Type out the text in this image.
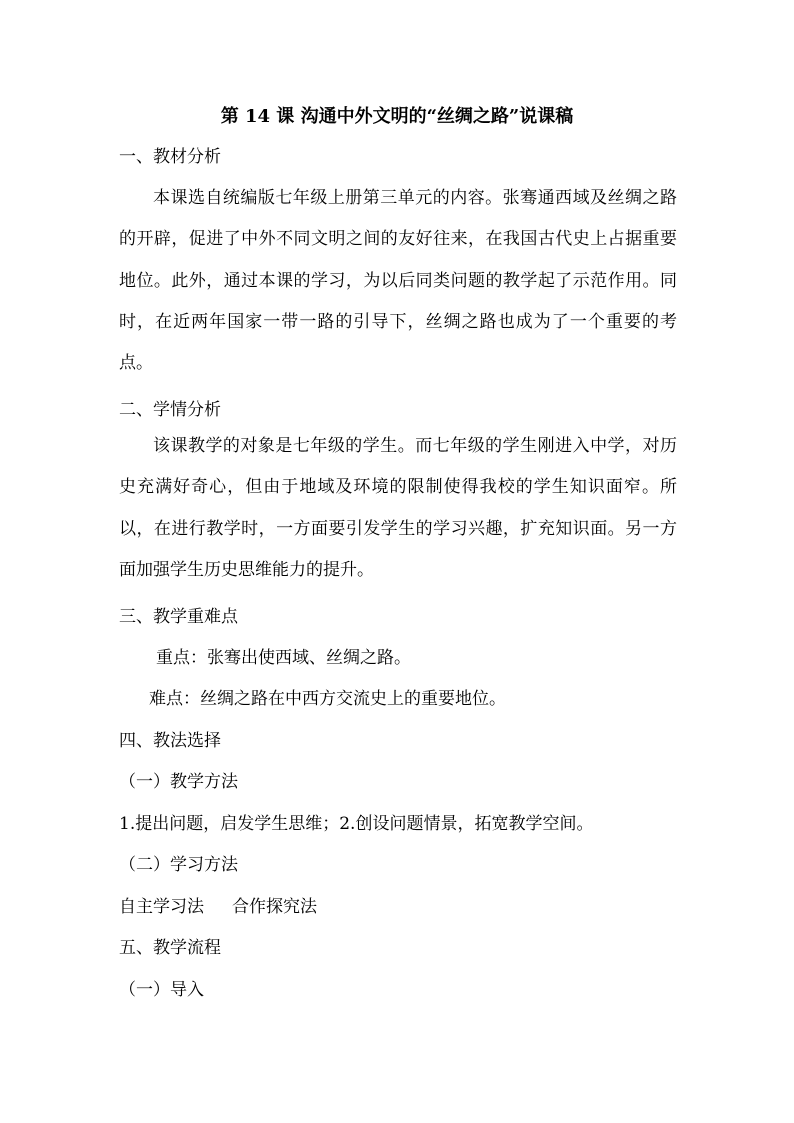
第 14 课 沟通中外文明的“丝绸之路”说课稿
一、教材分析
本课选自统编版七年级上册第三单元的内容。张骞通西域及丝绸之路的开辟，促进了中外不同文明之间的友好往来，在我国古代史上占据重要地位。此外，通过本课的学习，为以后同类问题的教学起了示范作用。同时，在近两年国家一带一路的引导下，丝绸之路也成为了一个重要的考点。
二、学情分析
该课教学的对象是七年级的学生。而七年级的学生刚进入中学，对历史充满好奇心，但由于地域及环境的限制使得我校的学生知识面窄。所以，在进行教学时，一方面要引发学生的学习兴趣，扩充知识面。另一方面加强学生历史思维能力的提升。
三、教学重难点
重点：张骞出使西域、丝绸之路。
难点：丝绸之路在中西方交流史上的重要地位。
四、教法选择
（一）教学方法
1.提出问题，启发学生思维；2.创设问题情景，拓宽教学空间。
（二）学习方法
自主学习法 合作探究法
五、教学流程
（一）导入
